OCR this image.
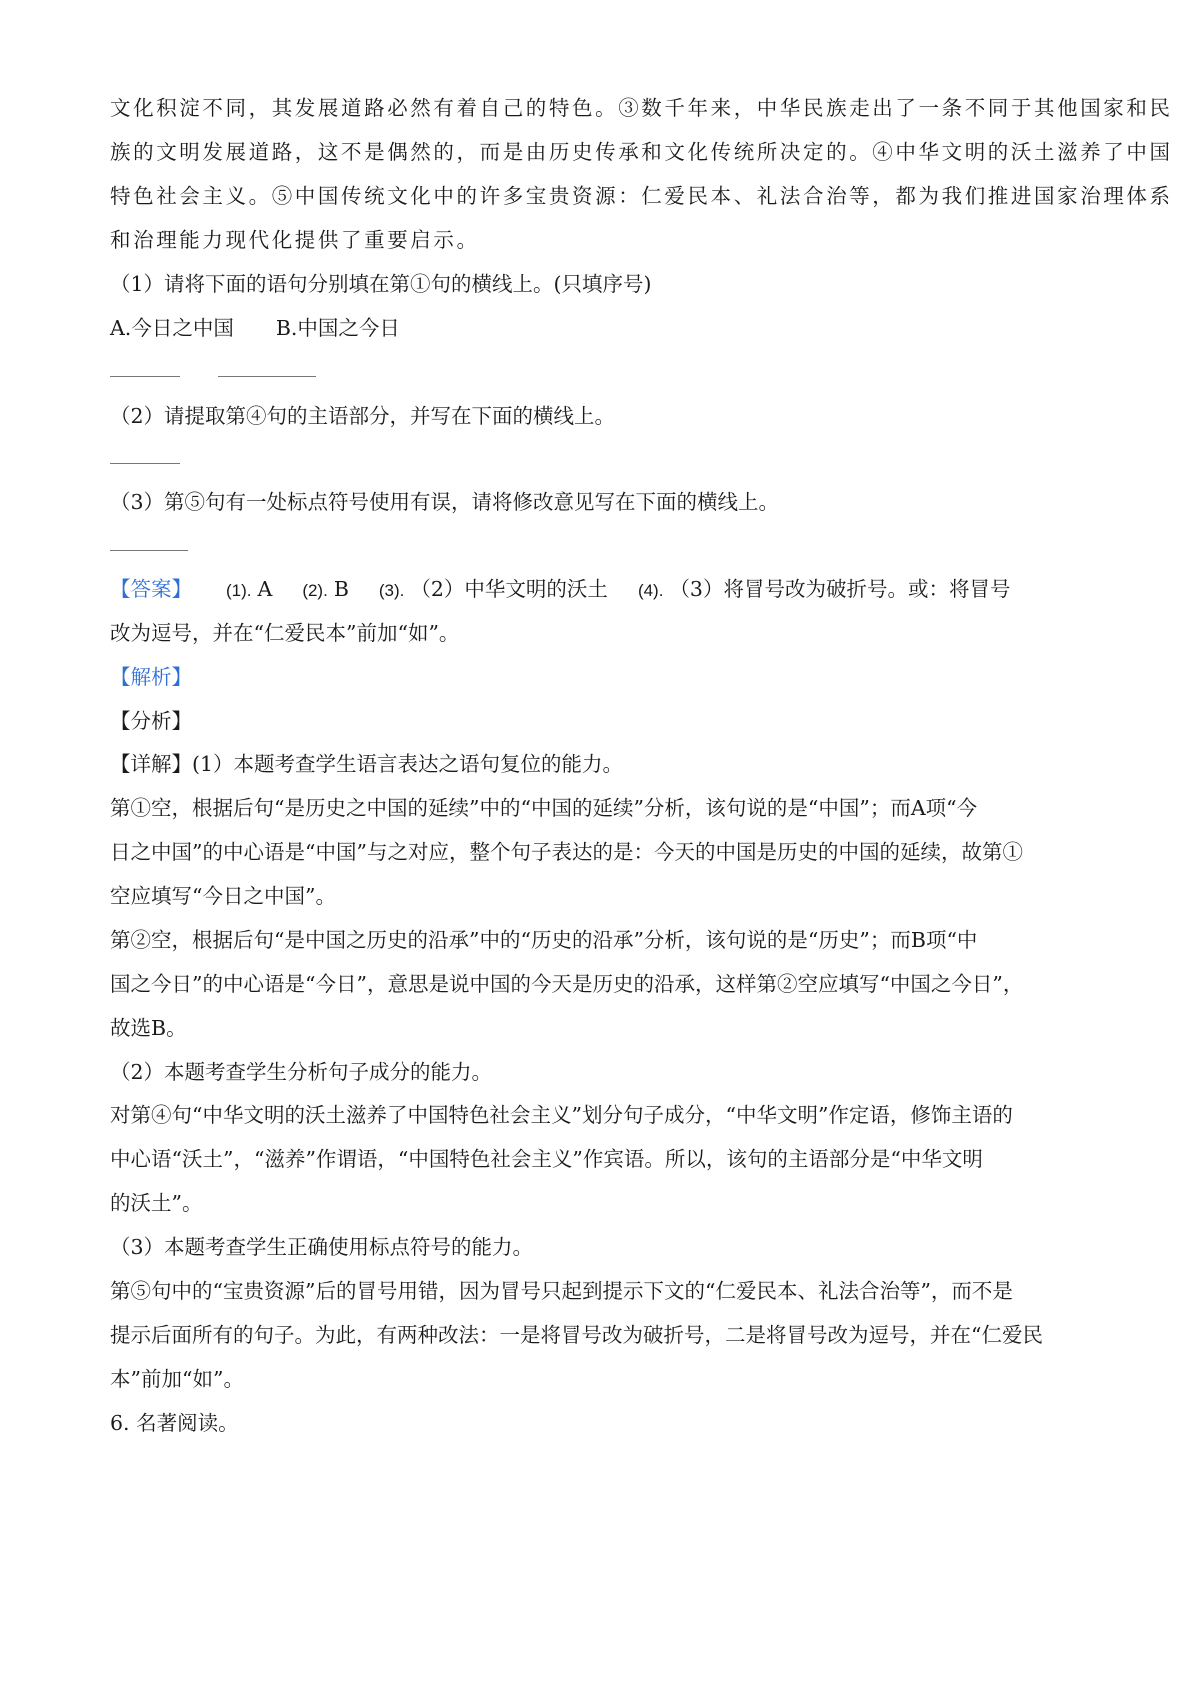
文化积淀不同，其发展道路必然有着自己的特色。③数千年来，中华民族走出了一条不同于其他国家和民
族的文明发展道路，这不是偶然的，而是由历史传承和文化传统所决定的。④中华文明的沃土滋养了中国
特色社会主义。⑤中国传统文化中的许多宝贵资源：仁爱民本、礼法合治等，都为我们推进国家治理体系
和治理能力现代化提供了重要启示。
（1）请将下面的语句分别填在第①句的横线上。(只填序号)
A.今日之中国 B.中国之今日
（2）请提取第④句的主语部分，并写在下面的横线上。
（3）第⑤句有一处标点符号使用有误，请将修改意见写在下面的横线上。
【答案】 (1). A (2). B (3). （2）中华文明的沃土 (4). （3）将冒号改为破折号。或：将冒号
改为逗号，并在“仁爱民本”前加“如”。
【解析】
【分析】
【详解】(1）本题考查学生语言表达之语句复位的能力。
第①空，根据后句“是历史之中国的延续”中的“中国的延续”分析，该句说的是“中国”；而A项“今
日之中国”的中心语是“中国”与之对应，整个句子表达的是：今天的中国是历史的中国的延续，故第①
空应填写“今日之中国”。
第②空，根据后句“是中国之历史的沿承”中的“历史的沿承”分析，该句说的是“历史”；而B项“中
国之今日”的中心语是“今日”，意思是说中国的今天是历史的沿承，这样第②空应填写“中国之今日”，
故选B。
（2）本题考查学生分析句子成分的能力。
对第④句“中华文明的沃土滋养了中国特色社会主义”划分句子成分，“中华文明”作定语，修饰主语的
中心语“沃土”，“滋养”作谓语，“中国特色社会主义”作宾语。所以，该句的主语部分是“中华文明
的沃土”。
（3）本题考查学生正确使用标点符号的能力。
第⑤句中的“宝贵资源”后的冒号用错，因为冒号只起到提示下文的“仁爱民本、礼法合治等”，而不是
提示后面所有的句子。为此，有两种改法：一是将冒号改为破折号，二是将冒号改为逗号，并在“仁爱民
本”前加“如”。
6. 名著阅读。
